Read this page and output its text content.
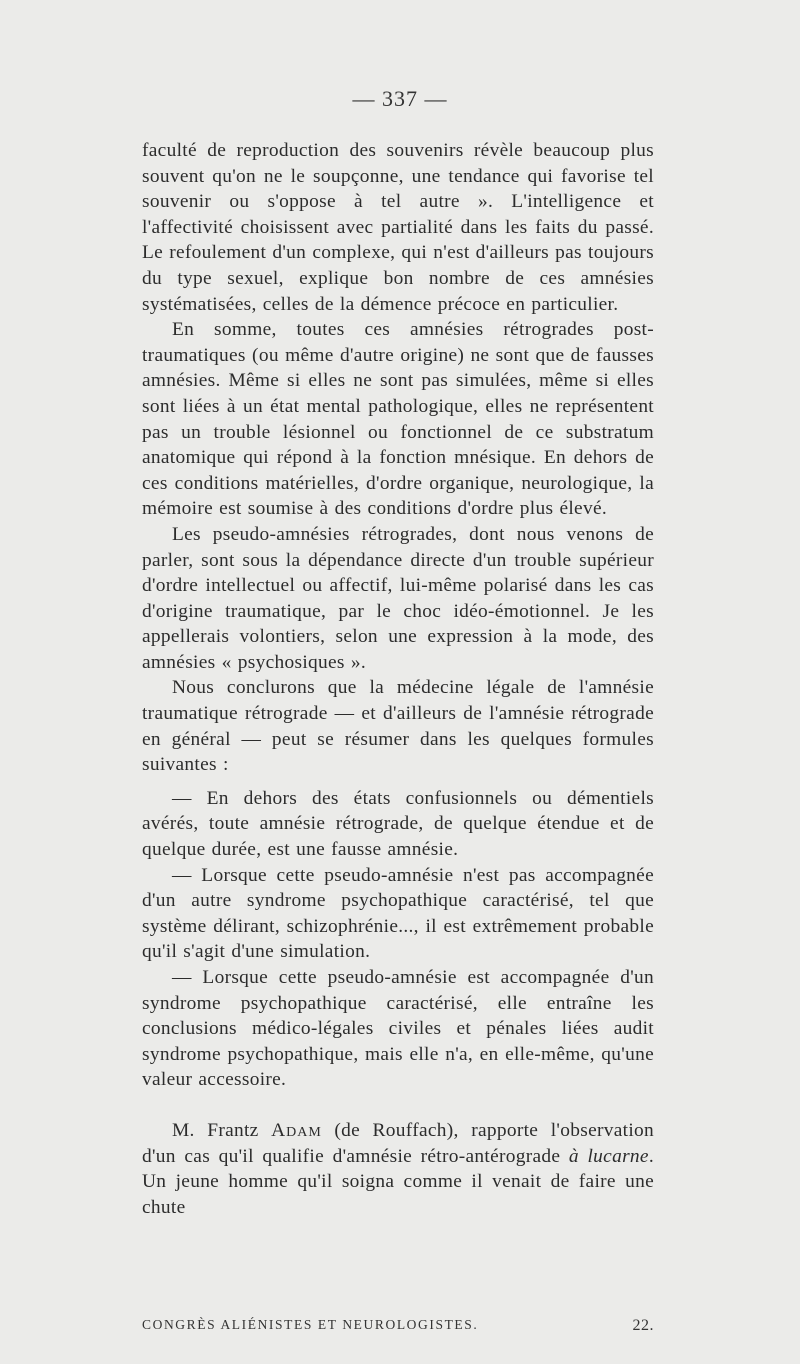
— 337 —

faculté de reproduction des souvenirs révèle beaucoup plus souvent qu'on ne le soupçonne, une tendance qui favorise tel souvenir ou s'oppose à tel autre ». L'intelligence et l'affectivité choisissent avec partialité dans les faits du passé. Le refoulement d'un complexe, qui n'est d'ailleurs pas toujours du type sexuel, explique bon nombre de ces amnésies systématisées, celles de la démence précoce en particulier.

En somme, toutes ces amnésies rétrogrades post-traumatiques (ou même d'autre origine) ne sont que de fausses amnésies. Même si elles ne sont pas simulées, même si elles sont liées à un état mental pathologique, elles ne représentent pas un trouble lésionnel ou fonctionnel de ce substratum anatomique qui répond à la fonction mnésique. En dehors de ces conditions matérielles, d'ordre organique, neurologique, la mémoire est soumise à des conditions d'ordre plus élevé.

Les pseudo-amnésies rétrogrades, dont nous venons de parler, sont sous la dépendance directe d'un trouble supérieur d'ordre intellectuel ou affectif, lui-même polarisé dans les cas d'origine traumatique, par le choc idéo-émotionnel. Je les appellerais volontiers, selon une expression à la mode, des amnésies « psychosiques ».

Nous conclurons que la médecine légale de l'amnésie traumatique rétrograde — et d'ailleurs de l'amnésie rétrograde en général — peut se résumer dans les quelques formules suivantes :

— En dehors des états confusionnels ou démentiels avérés, toute amnésie rétrograde, de quelque étendue et de quelque durée, est une fausse amnésie.

— Lorsque cette pseudo-amnésie n'est pas accompagnée d'un autre syndrome psychopathique caractérisé, tel que système délirant, schizophrénie..., il est extrêmement probable qu'il s'agit d'une simulation.

— Lorsque cette pseudo-amnésie est accompagnée d'un syndrome psychopathique caractérisé, elle entraîne les conclusions médico-légales civiles et pénales liées audit syndrome psychopathique, mais elle n'a, en elle-même, qu'une valeur accessoire.

M. Frantz Adam (de Rouffach), rapporte l'observation d'un cas qu'il qualifie d'amnésie rétro-antérograde à lucarne. Un jeune homme qu'il soigna comme il venait de faire une chute

CONGRÈS ALIÉNISTES ET NEUROLOGISTES.	22.
